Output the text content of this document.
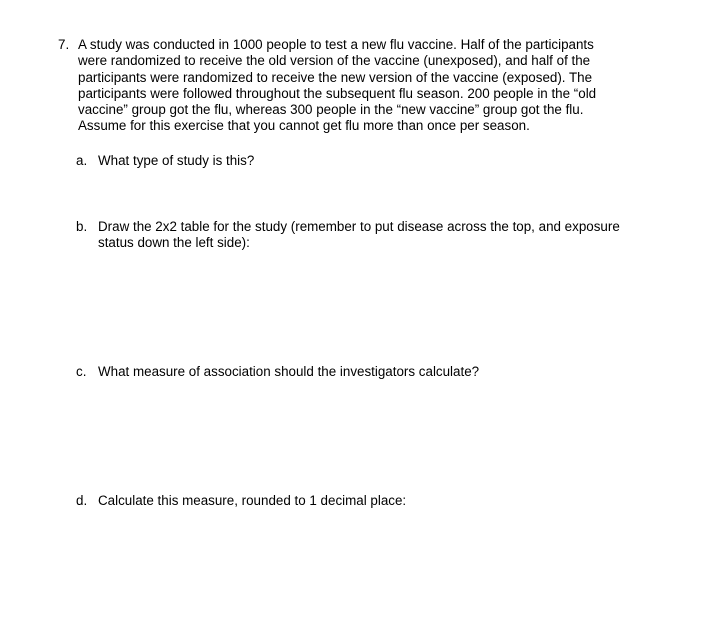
7. A study was conducted in 1000 people to test a new flu vaccine. Half of the participants
were randomized to receive the old version of the vaccine (unexposed), and half of the
participants were randomized to receive the new version of the vaccine (exposed). The
participants were followed throughout the subsequent flu season. 200 people in the “old
vaccine” group got the flu, whereas 300 people in the “new vaccine” group got the flu.
Assume for this exercise that you cannot get flu more than once per season.
a. What type of study is this?
b. Draw the 2x2 table for the study (remember to put disease across the top, and exposure
status down the left side):
c. What measure of association should the investigators calculate?
d. Calculate this measure, rounded to 1 decimal place:
